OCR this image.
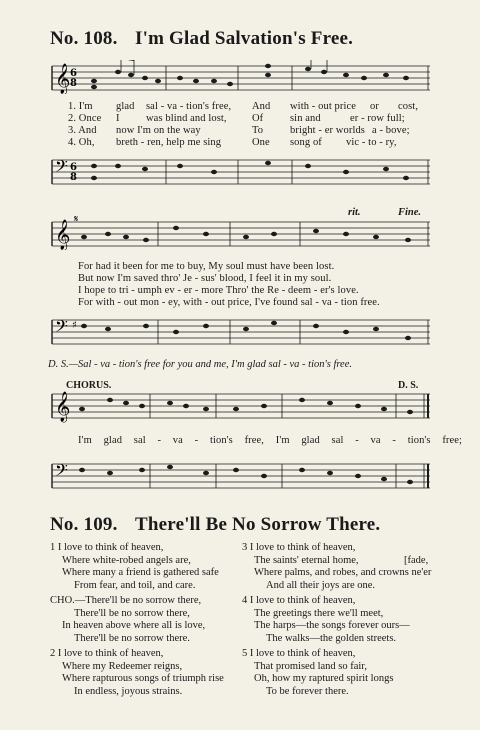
No. 108. I'm Glad Salvation's Free.
𝄞 6
8
1. I'm glad sal - va - tion's free, And with - out price or cost,
2. Once I	was blind and lost, Of	sin and	er - row full;
3. And now I'm on the way	To	bright - er worlds a - bove;
4. Oh, breth - ren, help me sing	One song of vic - to - ry,
𝄢 6
8
𝄞
𝄋
rit.	Fine.
For had it been for me to buy, My soul must have been lost.
But now I'm saved thro' Je - sus' blood, I feel it in my soul.
I hope to tri - umph ev - er - more Thro' the Re - deem - er's love.
For with - out mon - ey, with - out price, I've found sal - va - tion free.
𝄢 ♯
D. S.—Sal - va - tion's free for you and me, I'm glad sal - va - tion's free.
CHORUS.	D. S.
𝄞
I'm glad sal - va - tion's free, I'm glad sal - va - tion's free;
𝄢
No. 109. There'll Be No Sorrow There.
1 I love to think of heaven,
Where white-robed angels are,
Where many a friend is gathered safe
From fear, and toil, and care.
CHO.—There'll be no sorrow there,
There'll be no sorrow there,
In heaven above where all is love,
There'll be no sorrow there.
2 I love to think of heaven,
Where my Redeemer reigns,
Where rapturous songs of triumph rise
In endless, joyous strains.
3 I love to think of heaven,
The saints' eternal home,	[fade,
Where palms, and robes, and crowns ne'er
And all their joys are one.
4 I love to think of heaven,
The greetings there we'll meet,
The harps—the songs forever ours—
The walks—the golden streets.
5 I love to think of heaven,
That promised land so fair,
Oh, how my raptured spirit longs
To be forever there.
